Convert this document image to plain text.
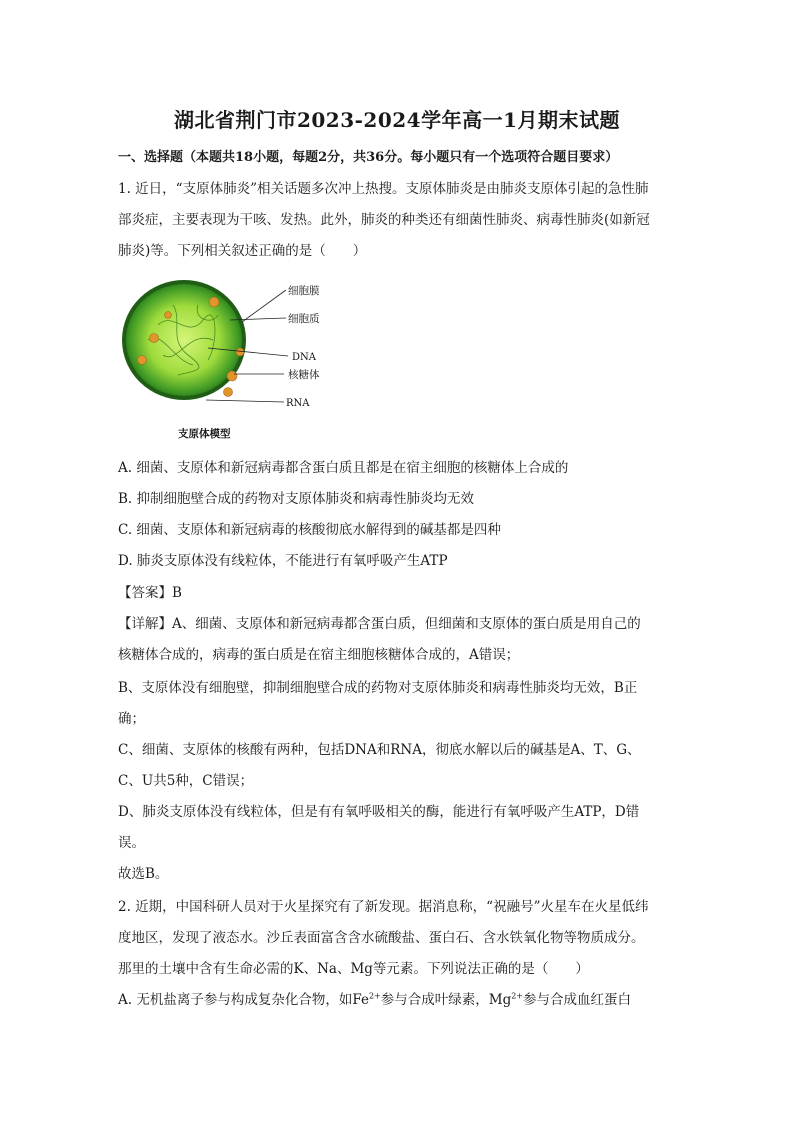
湖北省荆门市2023-2024学年高一1月期末试题
一、选择题（本题共18小题，每题2分，共36分。每小题只有一个选项符合题目要求）
1. 近日，“支原体肺炎”相关话题多次冲上热搜。支原体肺炎是由肺炎支原体引起的急性肺
部炎症，主要表现为干咳、发热。此外，肺炎的种类还有细菌性肺炎、病毒性肺炎(如新冠
肺炎)等。下列相关叙述正确的是（　　）
细胞膜
细胞质
DNA
核糖体
RNA
支原体模型
A. 细菌、支原体和新冠病毒都含蛋白质且都是在宿主细胞的核糖体上合成的
B. 抑制细胞壁合成的药物对支原体肺炎和病毒性肺炎均无效
C. 细菌、支原体和新冠病毒的核酸彻底水解得到的碱基都是四种
D. 肺炎支原体没有线粒体，不能进行有氧呼吸产生ATP
【答案】B
【详解】A、细菌、支原体和新冠病毒都含蛋白质，但细菌和支原体的蛋白质是用自己的
核糖体合成的，病毒的蛋白质是在宿主细胞核糖体合成的，A错误；
B、支原体没有细胞壁，抑制细胞壁合成的药物对支原体肺炎和病毒性肺炎均无效，B正
确；
C、细菌、支原体的核酸有两种，包括DNA和RNA，彻底水解以后的碱基是A、T、G、
C、U共5种，C错误；
D、肺炎支原体没有线粒体，但是有有氧呼吸相关的酶，能进行有氧呼吸产生ATP，D错
误。
故选B。
2. 近期，中国科研人员对于火星探究有了新发现。据消息称，“祝融号”火星车在火星低纬
度地区，发现了液态水。沙丘表面富含含水硫酸盐、蛋白石、含水铁氧化物等物质成分。
那里的土壤中含有生命必需的K、Na、Mg等元素。下列说法正确的是（　　）
A. 无机盐离子参与构成复杂化合物，如$Fe^{2+}$参与合成叶绿素，$Mg^{2+}$参与合成血红蛋白
